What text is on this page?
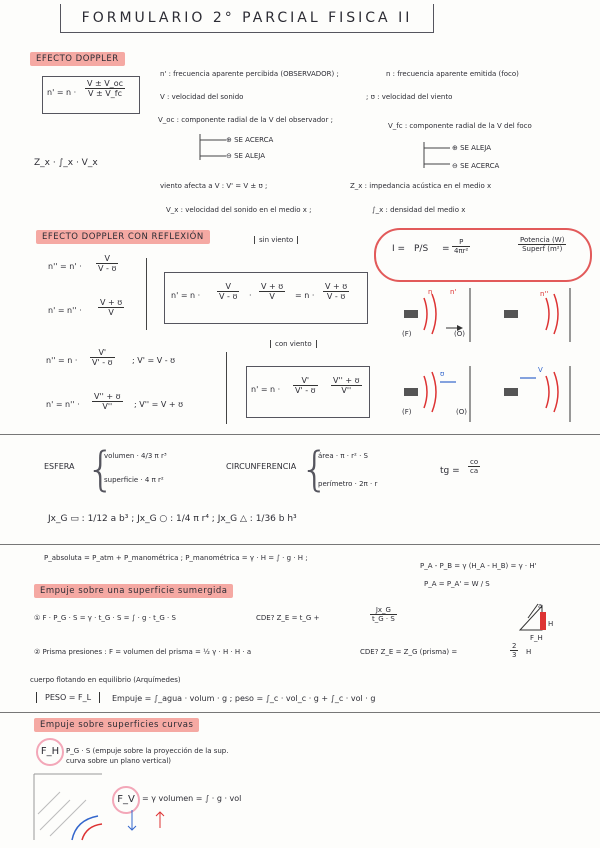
FORMULARIO 2° PARCIAL FISICA II
EFECTO DOPPLER
$n' = n \cdot \frac{V \pm V\_oc}{V \pm V\_fc}$
n' : frecuencia aparente percibida (OBSERVADOR) ;	n : frecuencia aparente emitida (foco)
V : velocidad del sonido	; ʊ : velocidad del viento
V_oc : componente radial de la V del observador ;
V_fc : componente radial de la V del foco
⊕ SE ACERCA
⊖ SE ALEJA
⊕ SE ALEJA
⊖ SE ACERCA
Z_x · ∫_x · V_x
viento afecta a V : V' = V ± ʊ ;	Z_x : impedancia acústica en el medio x
V_x : velocidad del sonido en el medio x ;	∫_x : densidad del medio x
EFECTO DOPPLER CON REFLEXIÓN	sin viento
$I = P/S = \frac{P}{\text{4πr²}}$	Potencia (W)
Superf (m²)
$n'' = n' \cdot \frac{V}{\text{V - ʊ}}$
$n' = n'' \cdot \frac{\text{V + ʊ}}{V}$
$n' = n \cdot \frac{V}{\text{V - ʊ}} \cdot \frac{\text{V + ʊ}}{V} = n \cdot \frac{\text{V + ʊ}}{\text{V - ʊ}}$
con viento
$n'' = n \cdot \frac{V'}{\text{V' - ʊ}}$ ; V' = V - ʊ
$n' = n'' \cdot \frac{\text{V'' + ʊ}}{V''}$ ; V'' = V + ʊ
$n' = n \cdot \frac{V'}{\text{V' - ʊ}} \frac{\text{V'' + ʊ}}{V''}$
(F)	(O)
(F)	(O)
n	n'	n''
ʊ	V
ESFERA {
volumen · 4/3 π r³
superficie · 4 π r²
CIRCUNFERENCIA {
área · π · r² · S
perímetro · 2π · r
tg = $\frac{co}{ca}$
Jx_G ▭ : 1/12 a b³ ; Jx_G ○ : 1/4 π r⁴ ; Jx_G △ : 1/36 b h³
P_absoluta = P_atm + P_manométrica ; P_manométrica = γ · H = ∫ · g · H ;
P_A - P_B = γ (H_A - H_B) = γ · H'
P_A = P_A' = W / S
Empuje sobre una superficie sumergida
① F · P_G · S = γ · t_G · S = ∫ · g · t_G · S	CDE? Z_E = t_G +	$\frac{Jx\_G}{t\_G \cdot S}$
② Prisma presiones : F = volumen del prisma = ½ γ · H · H · a	CDE? Z_E = Z_G (prisma) =	$\frac{2}{3}$ H
a
H
F_H
cuerpo flotando en equilibrio (Arquímedes)
PESO = F_L	Empuje = ∫_agua · volum · g ; peso = ∫_c · vol_c · g + ∫_c · vol · g
Empuje sobre superficies curvas
F_H P_G · S (empuje sobre la proyección de la sup. curva sobre un plano vertical)
F_V = γ volumen = ∫ · g · vol
